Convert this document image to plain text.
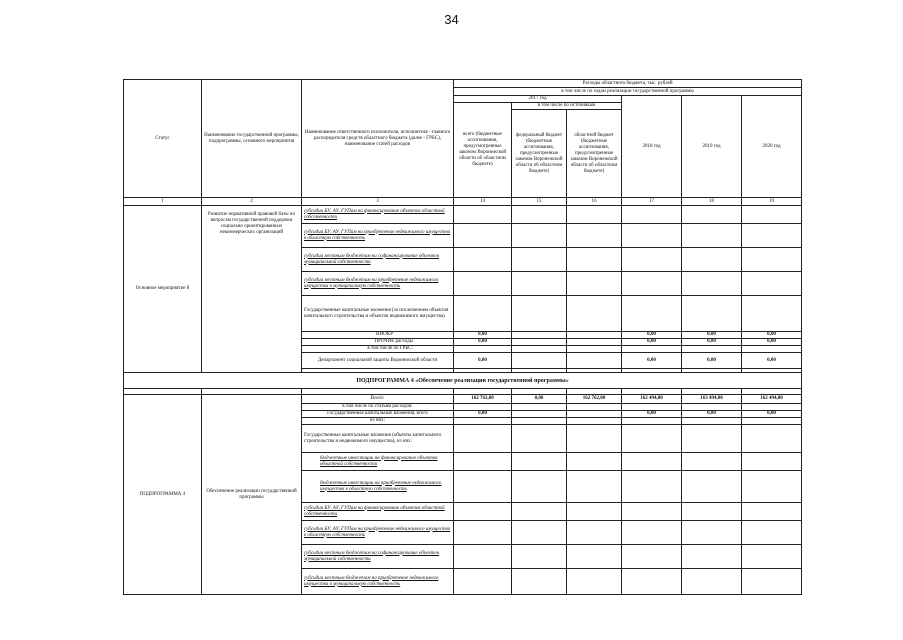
34
Статус	Наименование государственной программы, подпрограммы, основного мероприятия	Наименование ответственного исполнителя, исполнителя - главного распорядителя средств областного бюджета (далее - ГРБС), наименование статей расходов	Расходы областного бюджета, тыс. рублей					
			в том числе по годам реализации государственной программы					
			2017 год			2018 год	2019 год	2020 год
			всего (бюджетные ассигнования, предусмотренные законом Воронежской области об областном бюджете)	в том числе по источникам				
				федеральный бюджет (бюджетные ассигнования, предусмотренные законом Воронежской области об областном бюджете)	областной бюджет (бюджетные ассигнования, предусмотренные законом Воронежской области об областном бюджете)			
1	2	3	14	15	16	17	18	19
Основное мероприятие 8	Развитие нормативной правовой базы по вопросам государственной поддержки социально ориентированных некоммерческих организаций	субсидии БУ, АУ, ГУПам на финансирование объектов областной собственности						
		субсидии БУ, АУ, ГУПам на приобретение недвижимого имущества в областную собственность						
		субсидии местным бюджетам на софинансирование объектов муниципальной собственности						
		субсидии местным бюджетам на приобретение недвижимого имущества в муниципальную собственность						
		Государственные капитальные вложения (за исключением объектов капитального строительства и объектов недвижимого имущества)						
		НИОКР	0,00			0,00	0,00	0,00
		ПРОЧИЕ расходы	0,00			0,00	0,00	0,00
		в том числе по ГРБС:						
		Департамент социальной защиты Воронежской области	0,00			0,00	0,00	0,00

ПОДПРОГРАММА 4 «Обеспечение реализации государственной программы»								

ПОДПРОГРАММА 4	Обеспечение реализации государственной программы	Всего:	162 762,00	0,00	162 762,00	162 494,80	163 494,80	162 494,80
		в том числе по статьям расходов:						
		Государственные капитальные вложения, всего	0,00			0,00	0,00	0,00
		из них:						
		Государственные капитальные вложения (объекты капитального строительства и недвижимого имущества), из них:						
		бюджетные инвестиции на финансирование объектов областной собственности						
		бюджетные инвестиции на приобретение недвижимого имущества в областную собственность						
		субсидии БУ, АУ, ГУПам на финансирование объектов областной собственности						
		субсидии БУ, АУ, ГУПам на приобретение недвижимого имущества в областную собственность						
		субсидии местным бюджетам на софинансирование объектов муниципальной собственности						
		субсидии местным бюджетам на приобретение недвижимого имущества в муниципальную собственность						
